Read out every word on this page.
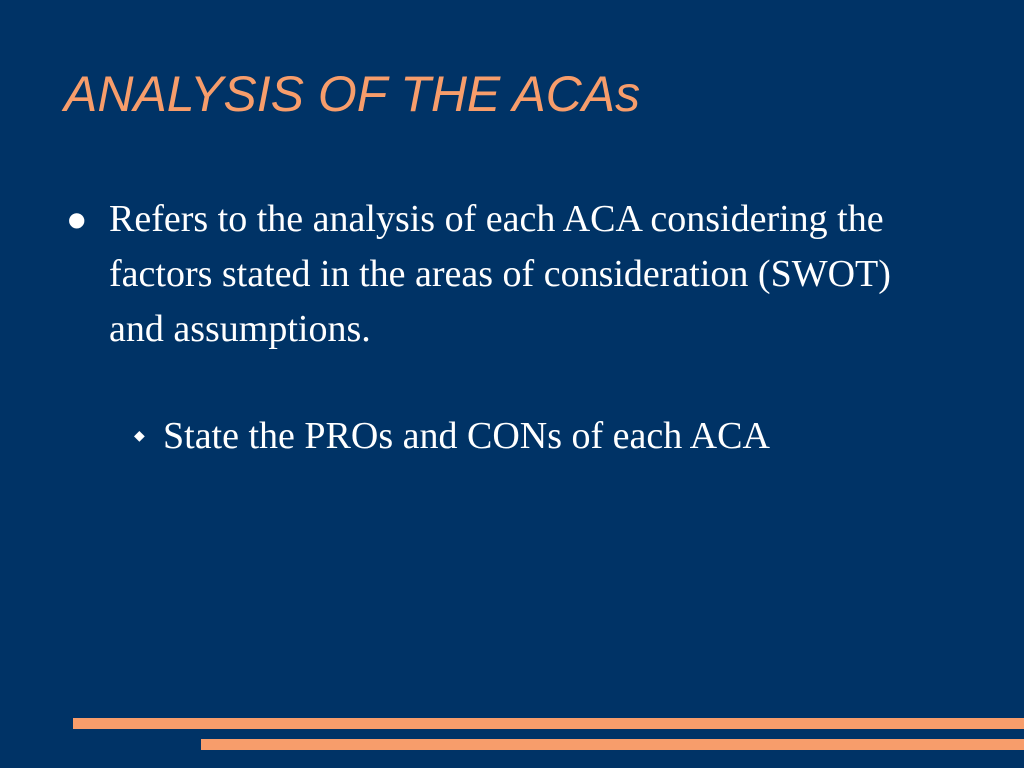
ANALYSIS OF THE ACAs
● Refers to the analysis of each ACA considering the factors stated in the areas of consideration (SWOT) and assumptions.
◆ State the PROs and CONs of each ACA
